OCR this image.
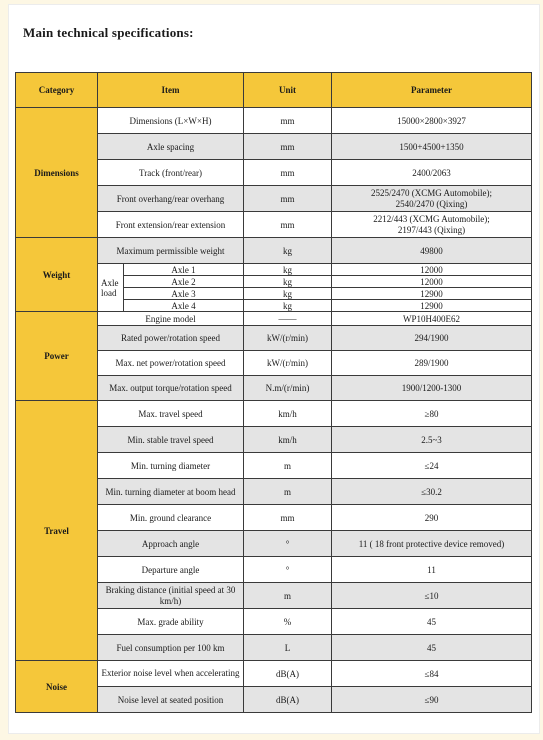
Main technical specifications:
Category	Item		Unit	Parameter
Dimensions	Dimensions (L×W×H)		mm	15000×2800×3927
	Axle spacing		mm	1500+4500+1350
	Track (front/rear)		mm	2400/2063
	Front overhang/rear overhang		mm	2525/2470 (XCMG Automobile);
2540/2470 (Qixing)
	Front extension/rear extension		mm	2212/443 (XCMG Automobile);
2197/443 (Qixing)
Weight	Maximum permissible weight		kg	49800
	Axle load	Axle 1	kg	12000
		Axle 2	kg	12000
		Axle 3	kg	12900
		Axle 4	kg	12900
Power	Engine model		——	WP10H400E62
	Rated power/rotation speed		kW/(r/min)	294/1900
	Max. net power/rotation speed		kW/(r/min)	289/1900
	Max. output torque/rotation speed		N.m/(r/min)	1900/1200-1300
Travel	Max. travel speed		km/h	≥80
	Min. stable travel speed		km/h	2.5~3
	Min. turning diameter		m	≤24
	Min. turning diameter at boom head		m	≤30.2
	Min. ground clearance		mm	290
	Approach angle		°	11 ( 18 front protective device removed)
	Departure angle		°	11
	Braking distance (initial speed at 30 km/h)		m	≤10
	Max. grade ability		%	45
	Fuel consumption per 100 km		L	45
Noise	Exterior noise level when accelerating		dB(A)	≤84
	Noise level at seated position		dB(A)	≤90
